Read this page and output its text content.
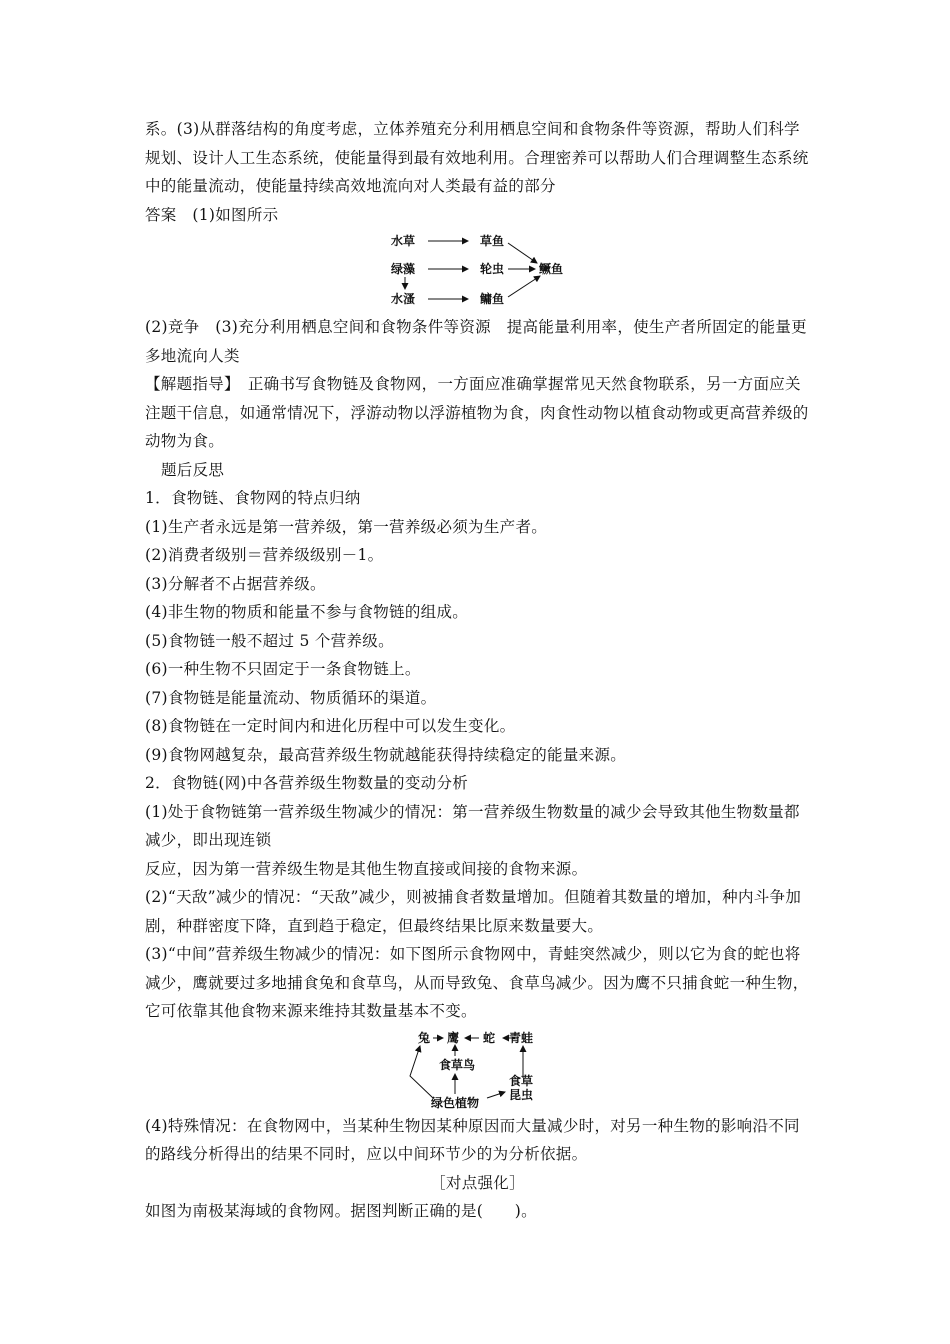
系。(3)从群落结构的角度考虑，立体养殖充分利用栖息空间和食物条件等资源，帮助人们科学规划、设计人工生态系统，使能量得到最有效地利用。合理密养可以帮助人们合理调整生态系统中的能量流动，使能量持续高效地流向对人类最有益的部分

答案　(1)如图所示

水草	草鱼
绿藻	轮虫	鳜鱼
水溞	鳙鱼

(2)竞争　(3)充分利用栖息空间和食物条件等资源　提高能量利用率，使生产者所固定的能量更多地流向人类

【解题指导】　正确书写食物链及食物网，一方面应准确掌握常见天然食物联系，另一方面应关注题干信息，如通常情况下，浮游动物以浮游植物为食，肉食性动物以植食动物或更高营养级的动物为食。

题后反思

1．食物链、食物网的特点归纳

(1)生产者永远是第一营养级，第一营养级必须为生产者。

(2)消费者级别＝营养级级别－1。

(3)分解者不占据营养级。

(4)非生物的物质和能量不参与食物链的组成。

(5)食物链一般不超过 5 个营养级。

(6)一种生物不只固定于一条食物链上。

(7)食物链是能量流动、物质循环的渠道。

(8)食物链在一定时间内和进化历程中可以发生变化。

(9)食物网越复杂，最高营养级生物就越能获得持续稳定的能量来源。

2．食物链(网)中各营养级生物数量的变动分析

(1)处于食物链第一营养级生物减少的情况：第一营养级生物数量的减少会导致其他生物数量都减少，即出现连锁

反应，因为第一营养级生物是其他生物直接或间接的食物来源。

(2)“天敌”减少的情况：“天敌”减少，则被捕食者数量增加。但随着其数量的增加，种内斗争加剧，种群密度下降，直到趋于稳定，但最终结果比原来数量要大。

(3)“中间”营养级生物减少的情况：如下图所示食物网中，青蛙突然减少，则以它为食的蛇也将减少，鹰就要过多地捕食兔和食草鸟，从而导致兔、食草鸟减少。因为鹰不只捕食蛇一种生物，它可依靠其他食物来源来维持其数量基本不变。

兔 鹰 蛇 青蛙
食草鸟
食草
昆虫
绿色植物

(4)特殊情况：在食物网中，当某种生物因某种原因而大量减少时，对另一种生物的影响沿不同的路线分析得出的结果不同时，应以中间环节少的为分析依据。

［对点强化］

如图为南极某海域的食物网。据图判断正确的是(　　)。
